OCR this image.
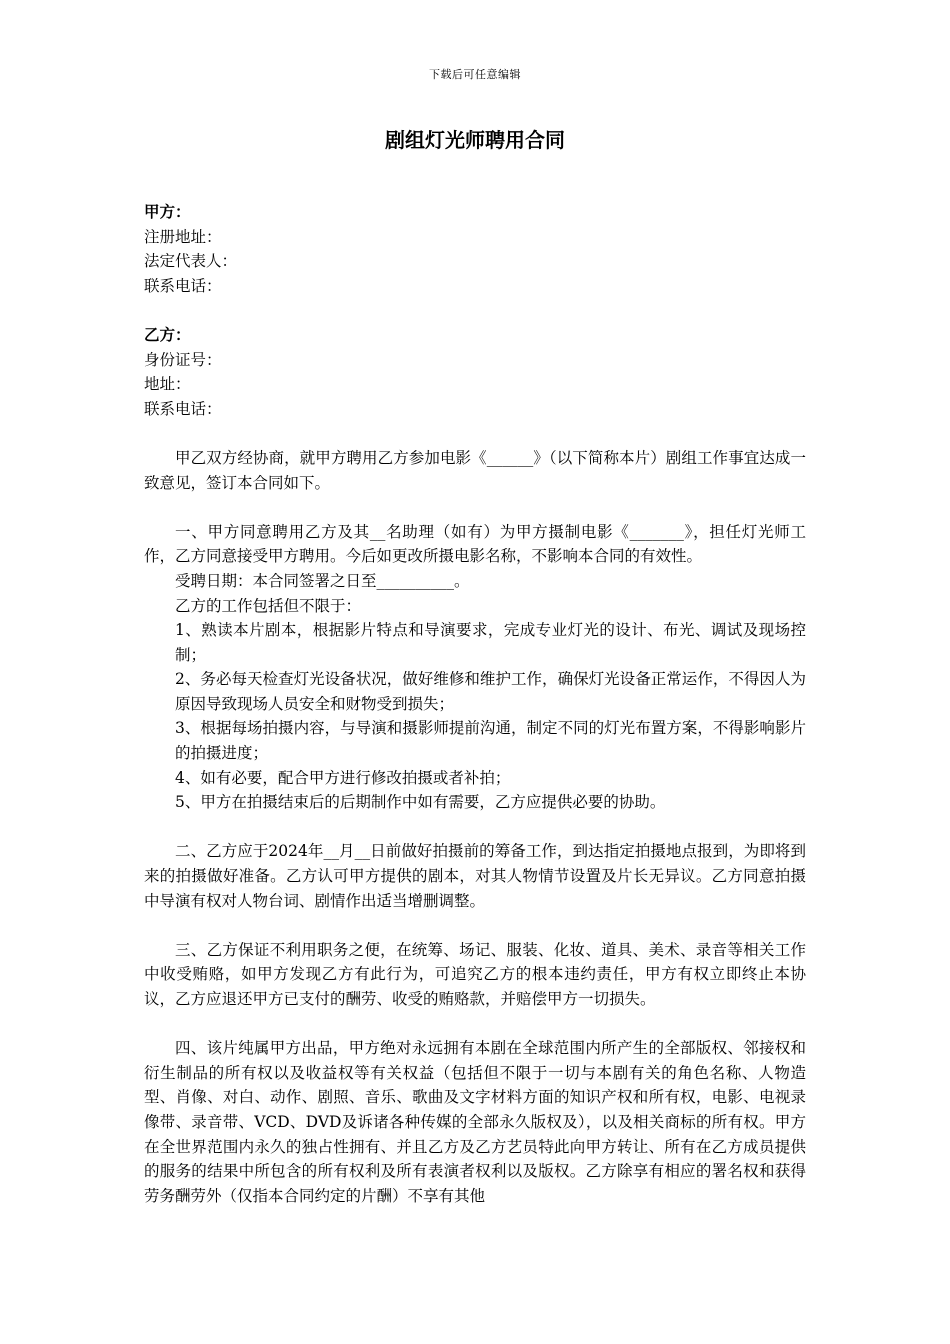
下载后可任意编辑
剧组灯光师聘用合同
甲方：
注册地址：
法定代表人：
联系电话：
乙方：
身份证号：
地址：
联系电话：
甲乙双方经协商，就甲方聘用乙方参加电影《______》（以下简称本片）剧组工作事宜达成一致意见，签订本合同如下。
一、甲方同意聘用乙方及其__名助理（如有）为甲方摄制电影《_______》，担任灯光师工作，乙方同意接受甲方聘用。今后如更改所摄电影名称，不影响本合同的有效性。
受聘日期：本合同签署之日至__________。
乙方的工作包括但不限于：
1、熟读本片剧本，根据影片特点和导演要求，完成专业灯光的设计、布光、调试及现场控制；
2、务必每天检查灯光设备状况，做好维修和维护工作，确保灯光设备正常运作，不得因人为原因导致现场人员安全和财物受到损失；
3、根据每场拍摄内容，与导演和摄影师提前沟通，制定不同的灯光布置方案，不得影响影片的拍摄进度；
4、如有必要，配合甲方进行修改拍摄或者补拍；
5、甲方在拍摄结束后的后期制作中如有需要，乙方应提供必要的协助。
二、乙方应于2024年__月__日前做好拍摄前的筹备工作，到达指定拍摄地点报到，为即将到来的拍摄做好准备。乙方认可甲方提供的剧本，对其人物情节设置及片长无异议。乙方同意拍摄中导演有权对人物台词、剧情作出适当增删调整。
三、乙方保证不利用职务之便，在统筹、场记、服装、化妆、道具、美术、录音等相关工作中收受贿赂，如甲方发现乙方有此行为，可追究乙方的根本违约责任，甲方有权立即终止本协议，乙方应退还甲方已支付的酬劳、收受的贿赂款，并赔偿甲方一切损失。
四、该片纯属甲方出品，甲方绝对永远拥有本剧在全球范围内所产生的全部版权、邻接权和衍生制品的所有权以及收益权等有关权益（包括但不限于一切与本剧有关的角色名称、人物造型、肖像、对白、动作、剧照、音乐、歌曲及文字材料方面的知识产权和所有权，电影、电视录像带、录音带、VCD、DVD及诉诸各种传媒的全部永久版权及），以及相关商标的所有权。甲方在全世界范围内永久的独占性拥有、并且乙方及乙方艺员特此向甲方转让、所有在乙方成员提供的服务的结果中所包含的所有权利及所有表演者权利以及版权。乙方除享有相应的署名权和获得劳务酬劳外（仅指本合同约定的片酬）不享有其他
